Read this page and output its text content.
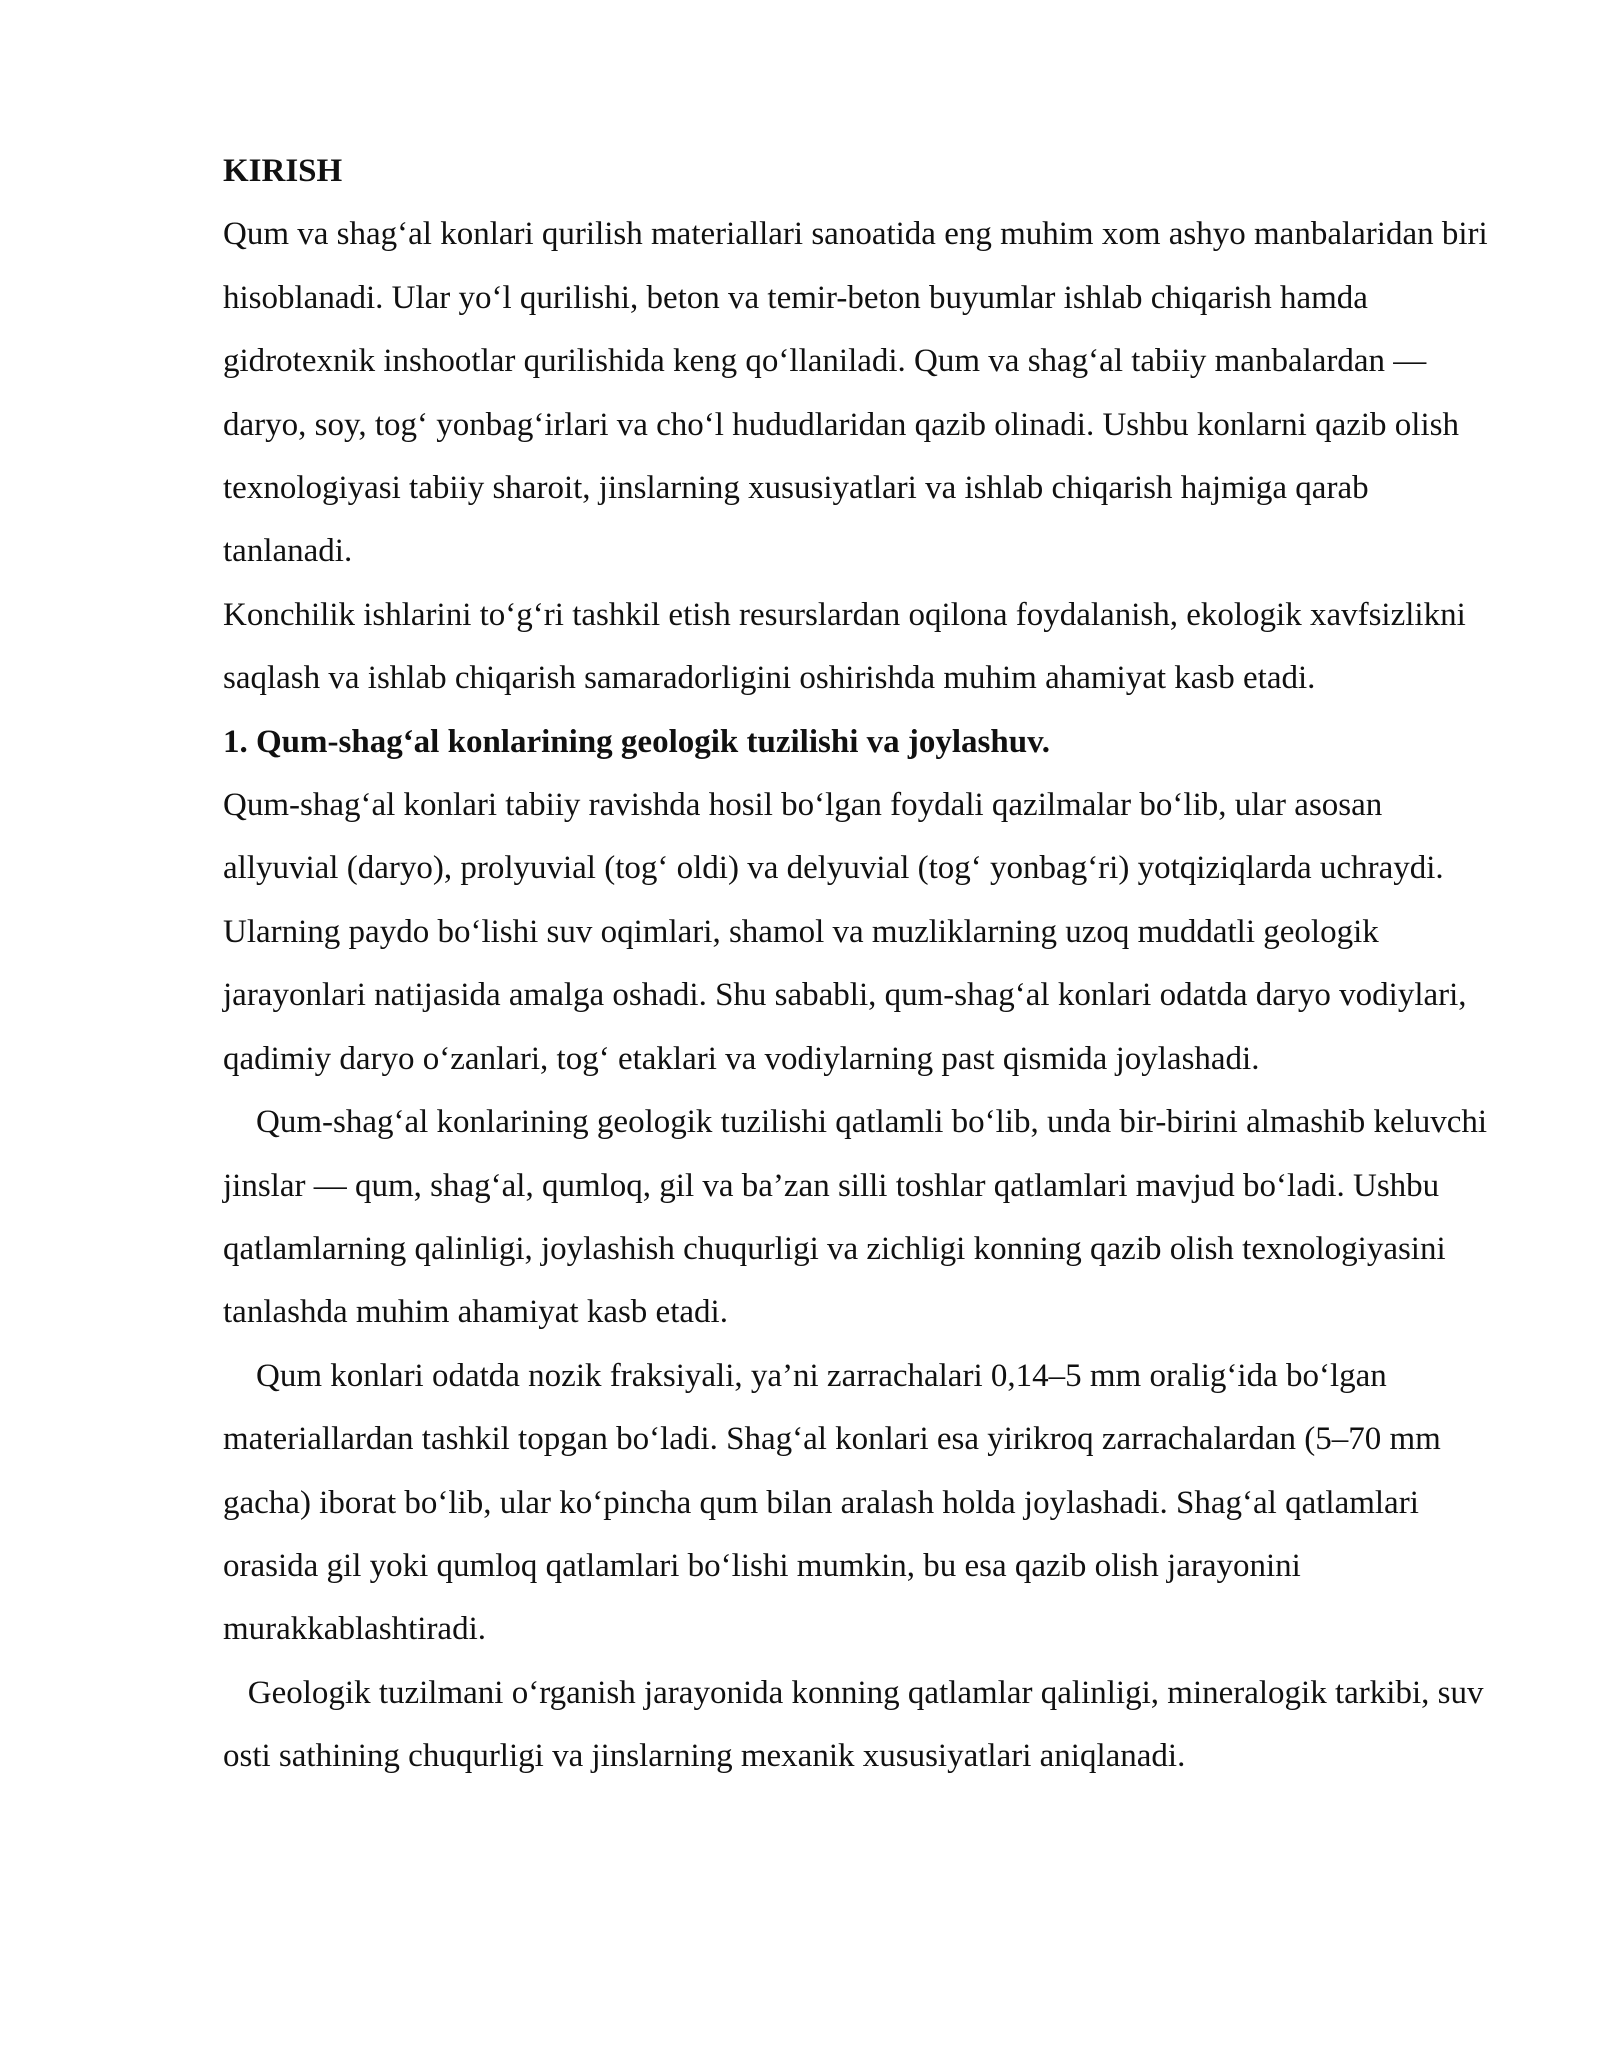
KIRISH

Qum va shag‘al konlari qurilish materiallari sanoatida eng muhim xom ashyo manbalaridan biri hisoblanadi. Ular yo‘l qurilishi, beton va temir-beton buyumlar ishlab chiqarish hamda gidrotexnik inshootlar qurilishida keng qo‘llaniladi. Qum va shag‘al tabiiy manbalardan — daryo, soy, tog‘ yonbag‘irlari va cho‘l hududlaridan qazib olinadi. Ushbu konlarni qazib olish texnologiyasi tabiiy sharoit, jinslarning xususiyatlari va ishlab chiqarish hajmiga qarab tanlanadi.

Konchilik ishlarini to‘g‘ri tashkil etish resurslardan oqilona foydalanish, ekologik xavfsizlikni saqlash va ishlab chiqarish samaradorligini oshirishda muhim ahamiyat kasb etadi.

1. Qum-shag‘al konlarining geologik tuzilishi va joylashuv.

Qum-shag‘al konlari tabiiy ravishda hosil bo‘lgan foydali qazilmalar bo‘lib, ular asosan allyuvial (daryo), prolyuvial (tog‘ oldi) va delyuvial (tog‘ yonbag‘ri) yotqiziqlarda uchraydi. Ularning paydo bo‘lishi suv oqimlari, shamol va muzliklarning uzoq muddatli geologik jarayonlari natijasida amalga oshadi. Shu sababli, qum-shag‘al konlari odatda daryo vodiylari, qadimiy daryo o‘zanlari, tog‘ etaklari va vodiylarning past qismida joylashadi.

Qum-shag‘al konlarining geologik tuzilishi qatlamli bo‘lib, unda bir-birini almashib keluvchi jinslar — qum, shag‘al, qumloq, gil va ba’zan silli toshlar qatlamlari mavjud bo‘ladi. Ushbu qatlamlarning qalinligi, joylashish chuqurligi va zichligi konning qazib olish texnologiyasini tanlashda muhim ahamiyat kasb etadi.

Qum konlari odatda nozik fraksiyali, ya’ni zarrachalari 0,14–5 mm oralig‘ida bo‘lgan materiallardan tashkil topgan bo‘ladi. Shag‘al konlari esa yirikroq zarrachalardan (5–70 mm gacha) iborat bo‘lib, ular ko‘pincha qum bilan aralash holda joylashadi. Shag‘al qatlamlari orasida gil yoki qumloq qatlamlari bo‘lishi mumkin, bu esa qazib olish jarayonini murakkablashtiradi.

Geologik tuzilmani o‘rganish jarayonida konning qatlamlar qalinligi, mineralogik tarkibi, suv osti sathining chuqurligi va jinslarning mexanik xususiyatlari aniqlanadi.
